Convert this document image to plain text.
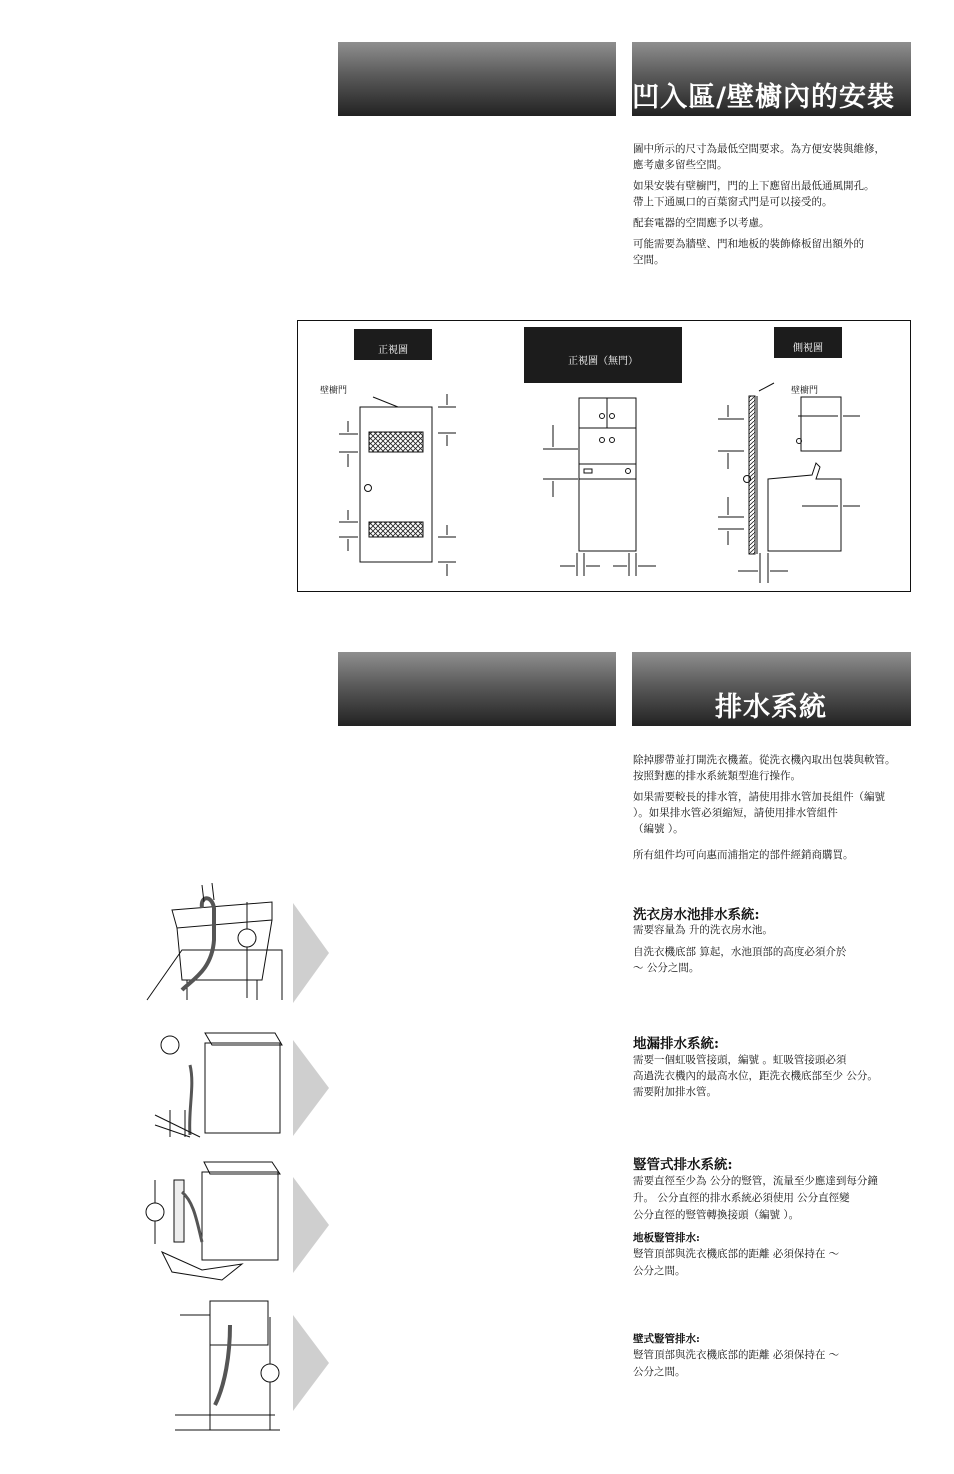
凹入區/壁櫥內的安裝
圖中所示的尺寸為最低空間要求。為方便安裝與維修，
應考慮多留些空間。
如果安裝有壁櫥門，門的上下應留出最低通風開孔。
帶上下通風口的百葉窗式門是可以接受的。
配套電器的空間應予以考慮。
可能需要為牆壁、門和地板的裝飾條板留出額外的
空間。
正視圖
正視圖（無門）
側視圖
壁櫥門	壁櫥門
排水系統
除掉膠帶並打開洗衣機蓋。從洗衣機內取出包裝與軟管。
按照對應的排水系統類型進行操作。
如果需要較長的排水管，請使用排水管加長組件（編號
）。如果排水管必須縮短，請使用排水管組件
（編號 ）。
所有組件均可向惠而浦指定的部件經銷商購買。
洗衣房水池排水系統:
需要容量為 升的洗衣房水池。
自洗衣機底部 算起，水池頂部的高度必須介於
～ 公分之間。
地漏排水系統:
需要一個虹吸管接頭，編號 。虹吸管接頭必須
高過洗衣機內的最高水位，距洗衣機底部至少 公分。
需要附加排水管。
豎管式排水系統:
需要直徑至少為 公分的豎管，流量至少應達到每分鐘
升。 公分直徑的排水系統必須使用 公分直徑變
公分直徑的豎管轉換接頭（編號 ）。
地板豎管排水:
豎管頂部與洗衣機底部的距離 必須保持在 ～
公分之間。
壁式豎管排水:
豎管頂部與洗衣機底部的距離 必須保持在 ～
公分之間。
